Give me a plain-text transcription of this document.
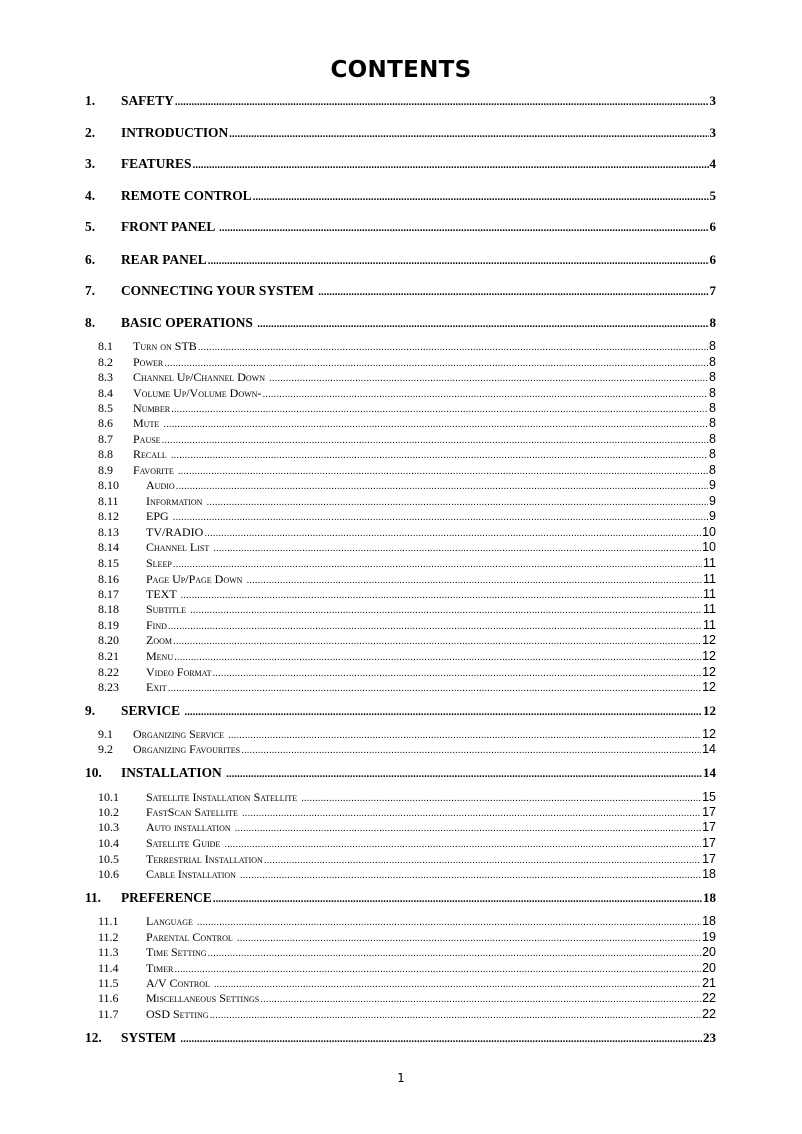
CONTENTS
1.	SAFETY .....	3
2.	INTRODUCTION .....	3
3.	FEATURES .....	4
4.	REMOTE CONTROL .....	5
5.	FRONT PANEL .....	6
6.	REAR PANEL .....	6
7.	CONNECTING YOUR SYSTEM .....	7
8.	BASIC OPERATIONS .....	8
8.1	Turn on STB .....	8
8.2	Power .....	8
8.3	Channel Up/Channel Down .....	8
8.4	Volume Up/Volume Down- .....	8
8.5	Number .....	8
8.6	Mute .....	8
8.7	Pause .....	8
8.8	Recall .....	8
8.9	Favorite .....	8
8.10	Audio .....	9
8.11	Information .....	9
8.12	EPG .....	9
8.13	TV/RADIO .....	10
8.14	Channel List .....	10
8.15	Sleep .....	11
8.16	Page Up/Page Down .....	11
8.17	TEXT .....	11
8.18	Subtitle .....	11
8.19	Find .....	11
8.20	Zoom .....	12
8.21	Menu .....	12
8.22	Video Format .....	12
8.23	Exit .....	12
9.	SERVICE .....	12
9.1	Organizing Service .....	12
9.2	Organizing Favourites .....	14
10.	INSTALLATION .....	14
10.1	Satellite Installation Satellite .....	15
10.2	FastScan Satellite .....	17
10.3	Auto installation .....	17
10.4	Satellite Guide .....	17
10.5	Terrestrial Installation .....	17
10.6	Cable Installation .....	18
11.	PREFERENCE .....	18
11.1	Language .....	18
11.2	Parental Control .....	19
11.3	Time Setting .....	20
11.4	Timer .....	20
11.5	A/V Control .....	21
11.6	Miscellaneous Settings .....	22
11.7	OSD Setting .....	22
12.	SYSTEM .....	23
1
